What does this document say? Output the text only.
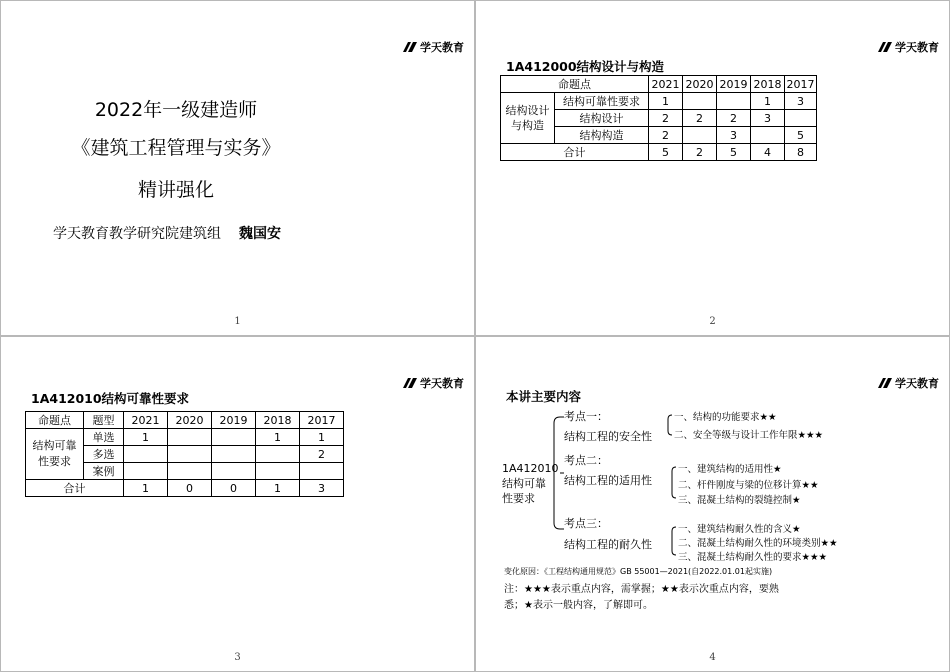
学天教育
2022年一级建造师
《建筑工程管理与实务》
精讲强化
学天教育教学研究院建筑组 魏国安
1
学天教育
1A412000结构设计与构造
命题点		2021	2020	2019	2018	2017
结构设计与构造	结构可靠性要求	1			1	3
	结构设计	2	2	2	3	
	结构构造	2		3		5
合计		5	2	5	4	8
2
学天教育
1A412010结构可靠性要求
命题点	题型	2021	2020	2019	2018	2017
结构可靠性要求	单选	1			1	1
	多选					2
	案例					
合计		1	0	0	1	3
3
学天教育
本讲主要内容
1A412010结构可靠性要求
考点一：
结构工程的安全性
一、结构的功能要求★★
二、安全等级与设计工作年限★★★
考点二：
结构工程的适用性
一、建筑结构的适用性★
二、杆件刚度与梁的位移计算★★
三、混凝土结构的裂缝控制★
考点三：
结构工程的耐久性
一、建筑结构耐久性的含义★
二、混凝土结构耐久性的环境类别★★
三、混凝土结构耐久性的要求★★★
变化原因：《工程结构通用规范》GB 55001—2021(自2022.01.01起实施)
注：★★★表示重点内容，需掌握；★★表示次重点内容，要熟
悉；★表示一般内容，了解即可。
4
